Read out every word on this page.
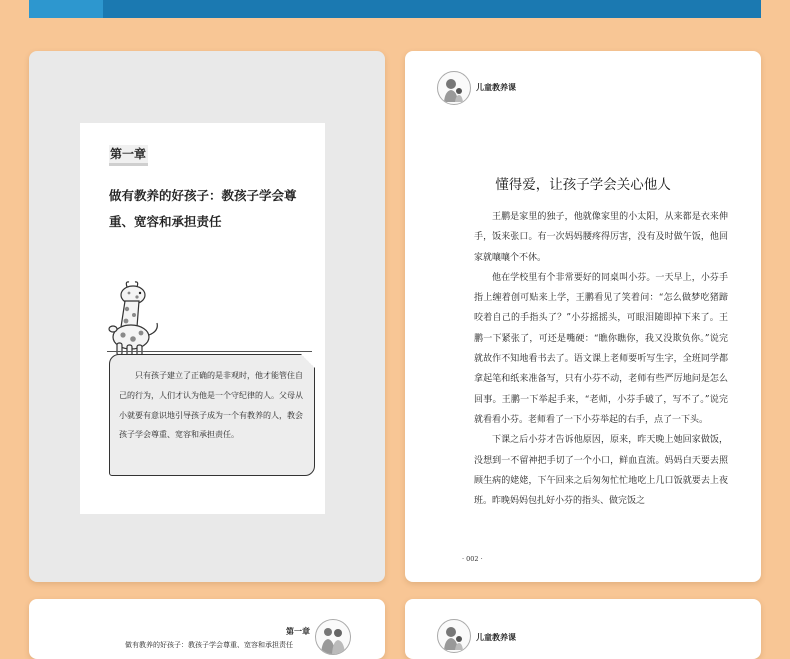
第一章
做有教养的好孩子：教孩子学会尊
重、宽容和承担责任
只有孩子建立了正确的是非观时，他才能管住自己的行为，人们才认为他是一个守纪律的人。父母从小就要有意识地引导孩子成为一个有教养的人，教会孩子学会尊重、宽容和承担责任。
儿童教养课
懂得爱，让孩子学会关心他人

王鹏是家里的独子，他就像家里的小太阳，从来都是衣来伸手，饭来张口。有一次妈妈腰疼得厉害，没有及时做午饭，他回家就嚷嚷个不休。

他在学校里有个非常要好的同桌叫小芬。一天早上，小芬手指上缠着创可贴来上学，王鹏看见了笑着问：“怎么做梦吃猪蹄咬着自己的手指头了？”小芬摇摇头，可眼泪随即掉下来了。王鹏一下紧张了，可还是嘴硬：“瞧你瞧你，我又没欺负你。”说完就故作不知地看书去了。语文课上老师要听写生字，全班同学都拿起笔和纸来准备写，只有小芬不动，老师有些严厉地问是怎么回事。王鹏一下举起手来，“老师，小芬手破了，写不了。”说完就看看小芬。老师看了一下小芬举起的右手，点了一下头。

下课之后小芬才告诉他原因，原来，昨天晚上她回家做饭，没想到一不留神把手切了一个小口，鲜血直流。妈妈白天要去照顾生病的姥姥，下午回来之后匆匆忙忙地吃上几口饭就要去上夜班。昨晚妈妈包扎好小芬的指头、做完饭之

· 002 ·
第一章
做有教养的好孩子：教孩子学会尊重、宽容和承担责任
儿童教养课
